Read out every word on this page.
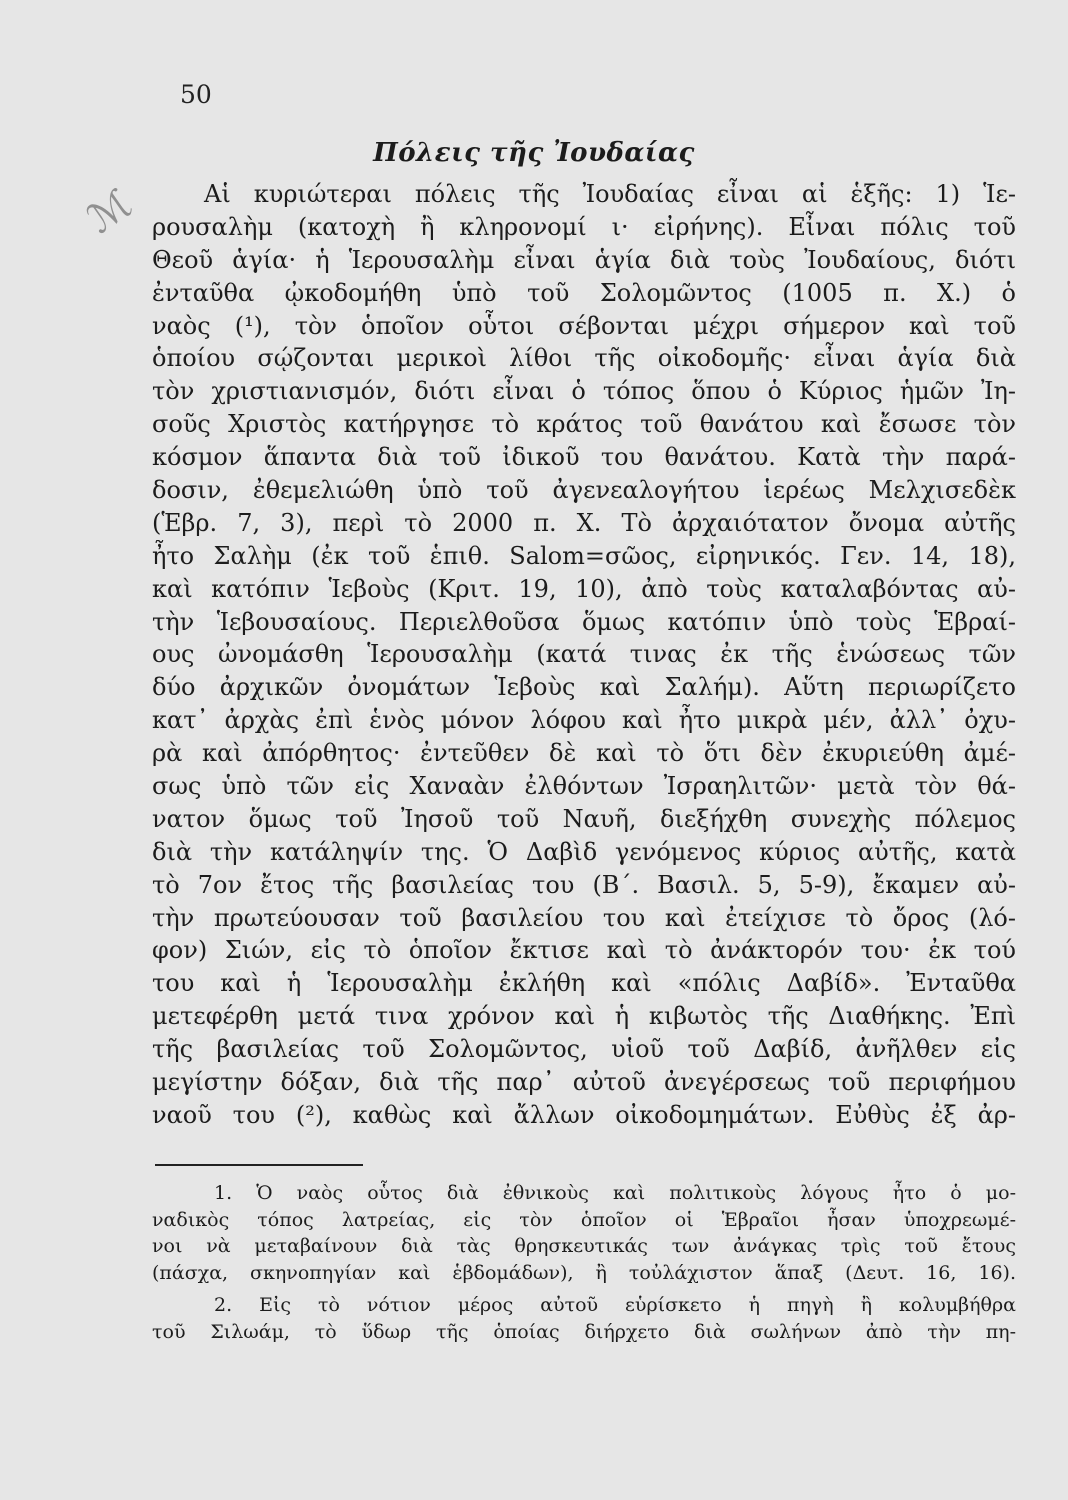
ℳ
50
Πόλεις τῆς Ἰουδαίας
Αἱ κυριώτεραι πόλεις τῆς Ἰουδαίας εἶναι αἱ ἑξῆς: 1) Ἱε-
ρουσαλὴμ (κατοχὴ ἢ κληρονομί ι· εἰρήνης). Εἶναι πόλις τοῦ
Θεοῦ ἁγία· ἡ Ἱερουσαλὴμ εἶναι ἁγία διὰ τοὺς Ἰουδαίους, διότι
ἐνταῦθα ᾠκοδομήθη ὑπὸ τοῦ Σολομῶντος (1005 π. Χ.) ὁ
ναὸς (¹), τὸν ὁποῖον οὗτοι σέβονται μέχρι σήμερον καὶ τοῦ
ὁποίου σῴζονται μερικοὶ λίθοι τῆς οἰκοδομῆς· εἶναι ἁγία διὰ
τὸν χριστιανισμόν, διότι εἶναι ὁ τόπος ὅπου ὁ Κύριος ἡμῶν Ἰη-
σοῦς Χριστὸς κατήργησε τὸ κράτος τοῦ θανάτου καὶ ἔσωσε τὸν
κόσμον ἅπαντα διὰ τοῦ ἰδικοῦ του θανάτου. Κατὰ τὴν παρά-
δοσιν, ἐθεμελιώθη ὑπὸ τοῦ ἀγενεαλογήτου ἱερέως Μελχισεδὲκ
(Ἑβρ. 7, 3), περὶ τὸ 2000 π. Χ. Τὸ ἀρχαιότατον ὄνομα αὐτῆς
ἦτο Σαλὴμ (ἐκ τοῦ ἑπιθ. Salom=σῶος, εἰρηνικός. Γεν. 14, 18),
καὶ κατόπιν Ἱεβοὺς (Κριτ. 19, 10), ἀπὸ τοὺς καταλαβόντας αὐ-
τὴν Ἱεβουσαίους. Περιελθοῦσα ὅμως κατόπιν ὑπὸ τοὺς Ἑβραί-
ους ὠνομάσθη Ἱερουσαλὴμ (κατά τινας ἐκ τῆς ἑνώσεως τῶν
δύο ἀρχικῶν ὀνομάτων Ἱεβοὺς καὶ Σαλήμ). Αὕτη περιωρίζετο
κατ᾽ ἀρχὰς ἐπὶ ἑνὸς μόνον λόφου καὶ ἦτο μικρὰ μέν, ἀλλ᾽ ὀχυ-
ρὰ καὶ ἀπόρθητος· ἐντεῦθεν δὲ καὶ τὸ ὅτι δὲν ἐκυριεύθη ἀμέ-
σως ὑπὸ τῶν εἰς Χαναὰν ἐλθόντων Ἰσραηλιτῶν· μετὰ τὸν θά-
νατον ὅμως τοῦ Ἰησοῦ τοῦ Ναυῆ, διεξήχθη συνεχὴς πόλεμος
διὰ τὴν κατάληψίν της. Ὁ Δαβὶδ γενόμενος κύριος αὐτῆς, κατὰ
τὸ 7ον ἔτος τῆς βασιλείας του (Β΄. Βασιλ. 5, 5-9), ἔκαμεν αὐ-
τὴν πρωτεύουσαν τοῦ βασιλείου του καὶ ἐτείχισε τὸ ὄρος (λό-
φον) Σιών, εἰς τὸ ὁποῖον ἔκτισε καὶ τὸ ἀνάκτορόν του· ἐκ τού
του καὶ ἡ Ἱερουσαλὴμ ἐκλήθη καὶ «πόλις Δαβίδ». Ἐνταῦθα
μετεφέρθη μετά τινα χρόνον καὶ ἡ κιβωτὸς τῆς Διαθήκης. Ἐπὶ
τῆς βασιλείας τοῦ Σολομῶντος, υἱοῦ τοῦ Δαβίδ, ἀνῆλθεν εἰς
μεγίστην δόξαν, διὰ τῆς παρ᾽ αὐτοῦ ἀνεγέρσεως τοῦ περιφήμου
ναοῦ του (²), καθὼς καὶ ἄλλων οἰκοδομημάτων. Εὐθὺς ἐξ ἀρ-
1. Ὁ ναὸς οὗτος διὰ ἐθνικοὺς καὶ πολιτικοὺς λόγους ἦτο ὁ μο-
ναδικὸς τόπος λατρείας, εἰς τὸν ὁποῖον οἱ Ἑβραῖοι ἦσαν ὑποχρεωμέ-
νοι νὰ μεταβαίνουν διὰ τὰς θρησκευτικάς των ἀνάγκας τρὶς τοῦ ἔτους
(πάσχα, σκηνοπηγίαν καὶ ἑβδομάδων), ἢ τοὐλάχιστον ἅπαξ (Δευτ. 16, 16).
2. Εἰς τὸ νότιον μέρος αὐτοῦ εὑρίσκετο ἡ πηγὴ ἢ κολυμβήθρα
τοῦ Σιλωάμ, τὸ ὕδωρ τῆς ὁποίας διήρχετο διὰ σωλήνων ἀπὸ τὴν πη-
